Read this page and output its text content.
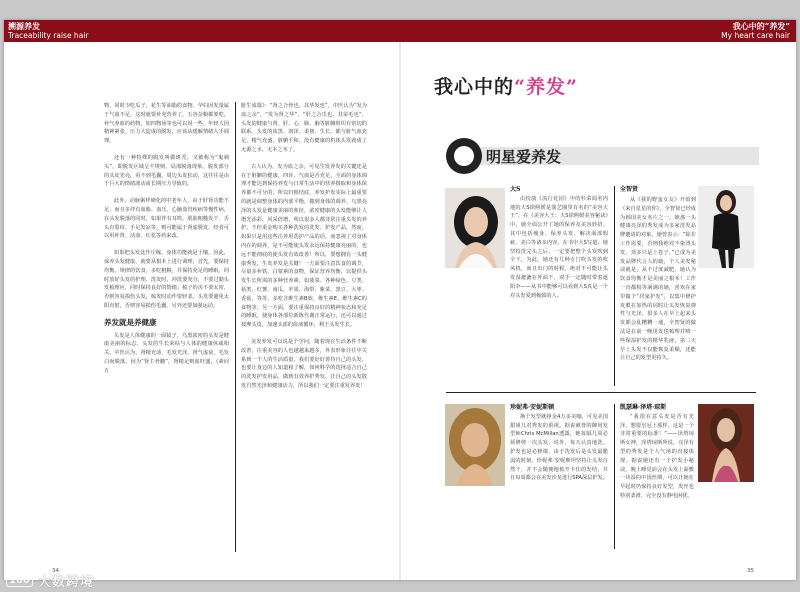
溯源养发
Traceability raise hair
我心中的“养发”
My heart care hair

物，同时少吃瓜子、花生等油脂的食物。孕妇因发量属于气血不足，这时就要补充营养了。五谷杂粮都要吃，补气养血的药物，如四物汤等也可以用一些，年轻人因精神紧张、压力大造成的脱发，应该从缓解情绪入手调理。

还有一种特殊的脱发叫做斑秃，又被称为“鬼剃头”，即脱发区域呈不规则、局部脱落现象。脱发部分的头皮光亮，看不到毛囊，周边头发松动，这往往是由于巨大的情绪波动或长期压力导致的。

此外，动脉粥样硬化的中老年人，由于肝肾功能不足，而且多伴有血脂、血压、心脑血管疾病等慢性病，在头发脱落的同时，如果伴有耳鸣、肌肤粗糙发干、舌头有裂纹、手足发凉等，则可能属于肾虚脱发，经者可以用补肾、活血、红花等药来改。

如果把头发比作庄稼，身体功能就是土壤。因此，保养头发健康，就要从根本上进行调理，首先，要保持均衡、规律的饮食，多吃粗粮，并保持充足的睡眠，同时放好头发的护理，洗发时，冲洗要充分，不要过勤头发梳理应，同时保持良好的情绪；梳子的齿不要太密，否则容易损伤头发，梳发时动作要轻柔，头发要避免太阳直射，否则容易损伤毛囊，另外还要加强运动。

养发就是养健康

头发是人体健康的一面镜子，乌黑浓密的头发是健康美丽的标志，头发的生长荣枯与人体的健康休戚相关。中医认为，肾精充沛，毛发光泽，肾气虚衰，毛发白而脱落。因为“肾主骨髓”，肾精足则血旺盛，《素问五

脏生成篇》：“肾之合骨也，其华发也”，中医认为“发为血之余”，“发为肾之华”，“肝之合爪也，其荣毛也”，头发的健康与肾、肝、心、肺、脑等脏腑组织有密切的联系。头发的浓黑、润泽、柔韧、生长，都与脏气血充足，精气充盛，脏腑平和，没有健康的机体头发就成了无源之水、无本之木了。

古人认为，发为血之余，可见生发养发的关键还是在于脏腑的健康，四诊、气血是否充足，全面的身体调理才能达到保持养发与日常生活中的营养摄取和身体保养都不可分的，所以归根结底，养发护发实际上最重要的就是调整身体的内部平衡，做到身体的调养。乌黑亮泽的头发是健康美丽的象征，浓密健康的头发能够让人增光添彩。风采倍增，所以很多人都非常注重头发的养护，不但重金购买各种洗发的洗发、护发产品，然而，如果只是用这些注外用洗护产品的话，而忽视了对身体内在的调养，是不可能使头发永远保持健康亮丽的，也远不能彻底的使头发有效改善！所以，要想拥有一头健康秀发，生发养发是关键！一方面要注意饮食的调节，尽量多补铁、白蒙素的食物，保证营养均衡，以提供头发生长所需的多种营养素，如菠菜、各种绿色、豆类、菇类、红薯、南瓜、苹果、海带、紫菜、黑豆、大枣、香菇，等等，多吃含维生素B族、维生素E、维生素C的食物等，另一方面，要注重保持良好的精神状态和充足的睡眠，使身体各部位新陈代谢正常运行，还可以通过按摩头皮，加速头部的血液循环，利于头发生长。

美发养发可以说是个学问，随着现在生活条件不断改善，注重美容的人也越越来越多，外表形象往往中关系到一个人的生活质量，我们要好好善待自己的头发，也要让身边的人知道和了解，如何科学的选择适合自己的洗发护发用品，做到有效养护秀发，让自己的头发散发自然光泽和健康活力，所以我们一定要注重发养发！

34
我心中的“养发”
明星爱养发
大S

由扮演《流行花园》中的杉菜闻名内地的大S徐熙媛是演艺圈里有名的“美容大王”，在《美容大王：大S徐熙媛美容秘诀》中，她全面公开了她的保养及美容妙招。其中包括瘦身、保养头发、解决面部瑕疵、美白等诸多内容。在书中大S写道，她坚持洗完头之后，一定要把整个头发吹到全干，为此，她还有几种专门吹头发的吹风机，而且出门的时候，绝对不可能让头发湿漉漉在外面下，双手一定随时带着遮阳伞——从书中能够可以看到大S真是一个对头发爱到极致的人。

全智贤

从《我的野蛮女友》开始到《来自星星的你》，全智贤已经成为韩国美女名片之一。她那一头健康亮泽的秀发成为多家洗发品牌邀请的对象。她曾表示：“除非工作需要，否则我绝对不染烫头发，顶多只是上卷子。”已成为美发品牌代言人的她，个人美发秘诀就是，从不过度减肥。她认为饮食均衡才是美丽之根本！工作一直都相等满满的她，喜欢在家里做个“居家护发”，以集中修护发膜在加热的同时让头发恢复弹性与光泽，很多人在早上起来头发都会乱糟糟一通，全智贤的做法是在前一晚用发毯梳理并喷一些保湿护发的精华乳液，第二天早上头发不仅能恢复柔顺，还能让自己的发型更持久。

珍妮弗·安妮斯顿

换个发型就挣金4万多美咖，可见美国甜姐儿对秀发的重视。据说被誉的御用发型师Chris McMillan透露，她每隔几周必须修剪一次头发，说外，每天认真地洗、护发也是必修课，由于洗发后是头发最脆弱的时刻，珍妮弗·安妮斯坦坚持让头发自然干，并不会随便地梳开卡住的发结，并且每周都会在美发沙龙进行SPA深层护发。

凯瑟琳·泽塔·琼斯

“我很在意头发是否有光泽，想要皇冠上那样，这是一个非常重要的标准！”——泽塔琼斯女神，泽塔琼斯所说，亮泽有型的秀发是个人气场的直接体现。据说她还有一个护发小秘诀，晚上睡觉前会在头发上面敷一块湿的中国丝绸，可以让她在早起时仍保持良好发型，发丝也特别柔滑，完全没有静电困扰。

35
100 大数跨境
